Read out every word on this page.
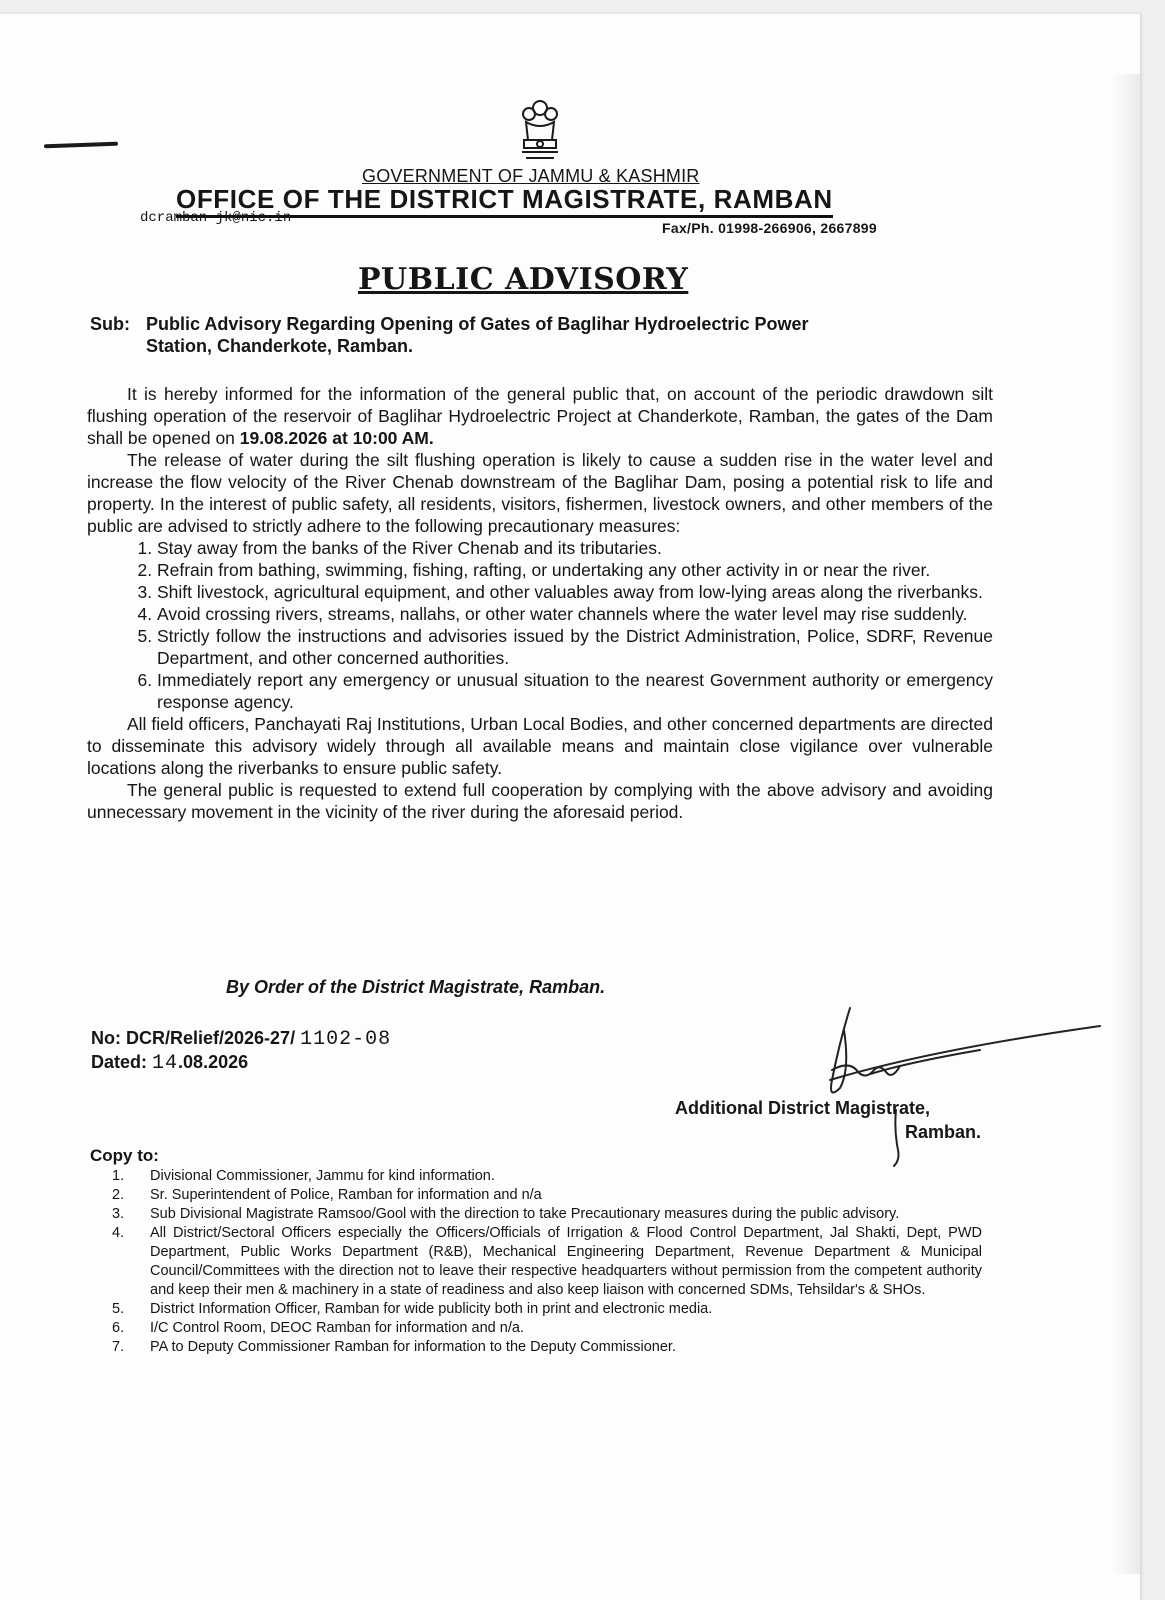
GOVERNMENT OF JAMMU & KASHMIR
OFFICE OF THE DISTRICT MAGISTRATE, RAMBAN
dcramban-jk@nic.in
Fax/Ph. 01998-266906, 2667899
PUBLIC ADVISORY
Sub: Public Advisory Regarding Opening of Gates of Baglihar Hydroelectric Power
Station, Chanderkote, Ramban.

It is hereby informed for the information of the general public that, on account of the periodic drawdown silt flushing operation of the reservoir of Baglihar Hydroelectric Project at Chanderkote, Ramban, the gates of the Dam shall be opened on 19.08.2026 at 10:00 AM.

The release of water during the silt flushing operation is likely to cause a sudden rise in the water level and increase the flow velocity of the River Chenab downstream of the Baglihar Dam, posing a potential risk to life and property. In the interest of public safety, all residents, visitors, fishermen, livestock owners, and other members of the public are advised to strictly adhere to the following precautionary measures:

1. Stay away from the banks of the River Chenab and its tributaries.
2. Refrain from bathing, swimming, fishing, rafting, or undertaking any other activity in or near the river.
3. Shift livestock, agricultural equipment, and other valuables away from low-lying areas along the riverbanks.
4. Avoid crossing rivers, streams, nallahs, or other water channels where the water level may rise suddenly.
5. Strictly follow the instructions and advisories issued by the District Administration, Police, SDRF, Revenue Department, and other concerned authorities.
6. Immediately report any emergency or unusual situation to the nearest Government authority or emergency response agency.

All field officers, Panchayati Raj Institutions, Urban Local Bodies, and other concerned departments are directed to disseminate this advisory widely through all available means and maintain close vigilance over vulnerable locations along the riverbanks to ensure public safety.

The general public is requested to extend full cooperation by complying with the above advisory and avoiding unnecessary movement in the vicinity of the river during the aforesaid period.

By Order of the District Magistrate, Ramban.
No: DCR/Relief/2026-27/ 1102-08
Dated: 14.08.2026
Additional District Magistrate,
Ramban.
Copy to:
1. Divisional Commissioner, Jammu for kind information.
2. Sr. Superintendent of Police, Ramban for information and n/a
3. Sub Divisional Magistrate Ramsoo/Gool with the direction to take Precautionary measures during the public advisory.
4. All District/Sectoral Officers especially the Officers/Officials of Irrigation & Flood Control Department, Jal Shakti, Dept, PWD Department, Public Works Department (R&B), Mechanical Engineering Department, Revenue Department & Municipal Council/Committees with the direction not to leave their respective headquarters without permission from the competent authority and keep their men & machinery in a state of readiness and also keep liaison with concerned SDMs, Tehsildar's & SHOs.
5. District Information Officer, Ramban for wide publicity both in print and electronic media.
6. I/C Control Room, DEOC Ramban for information and n/a.
7. PA to Deputy Commissioner Ramban for information to the Deputy Commissioner.
